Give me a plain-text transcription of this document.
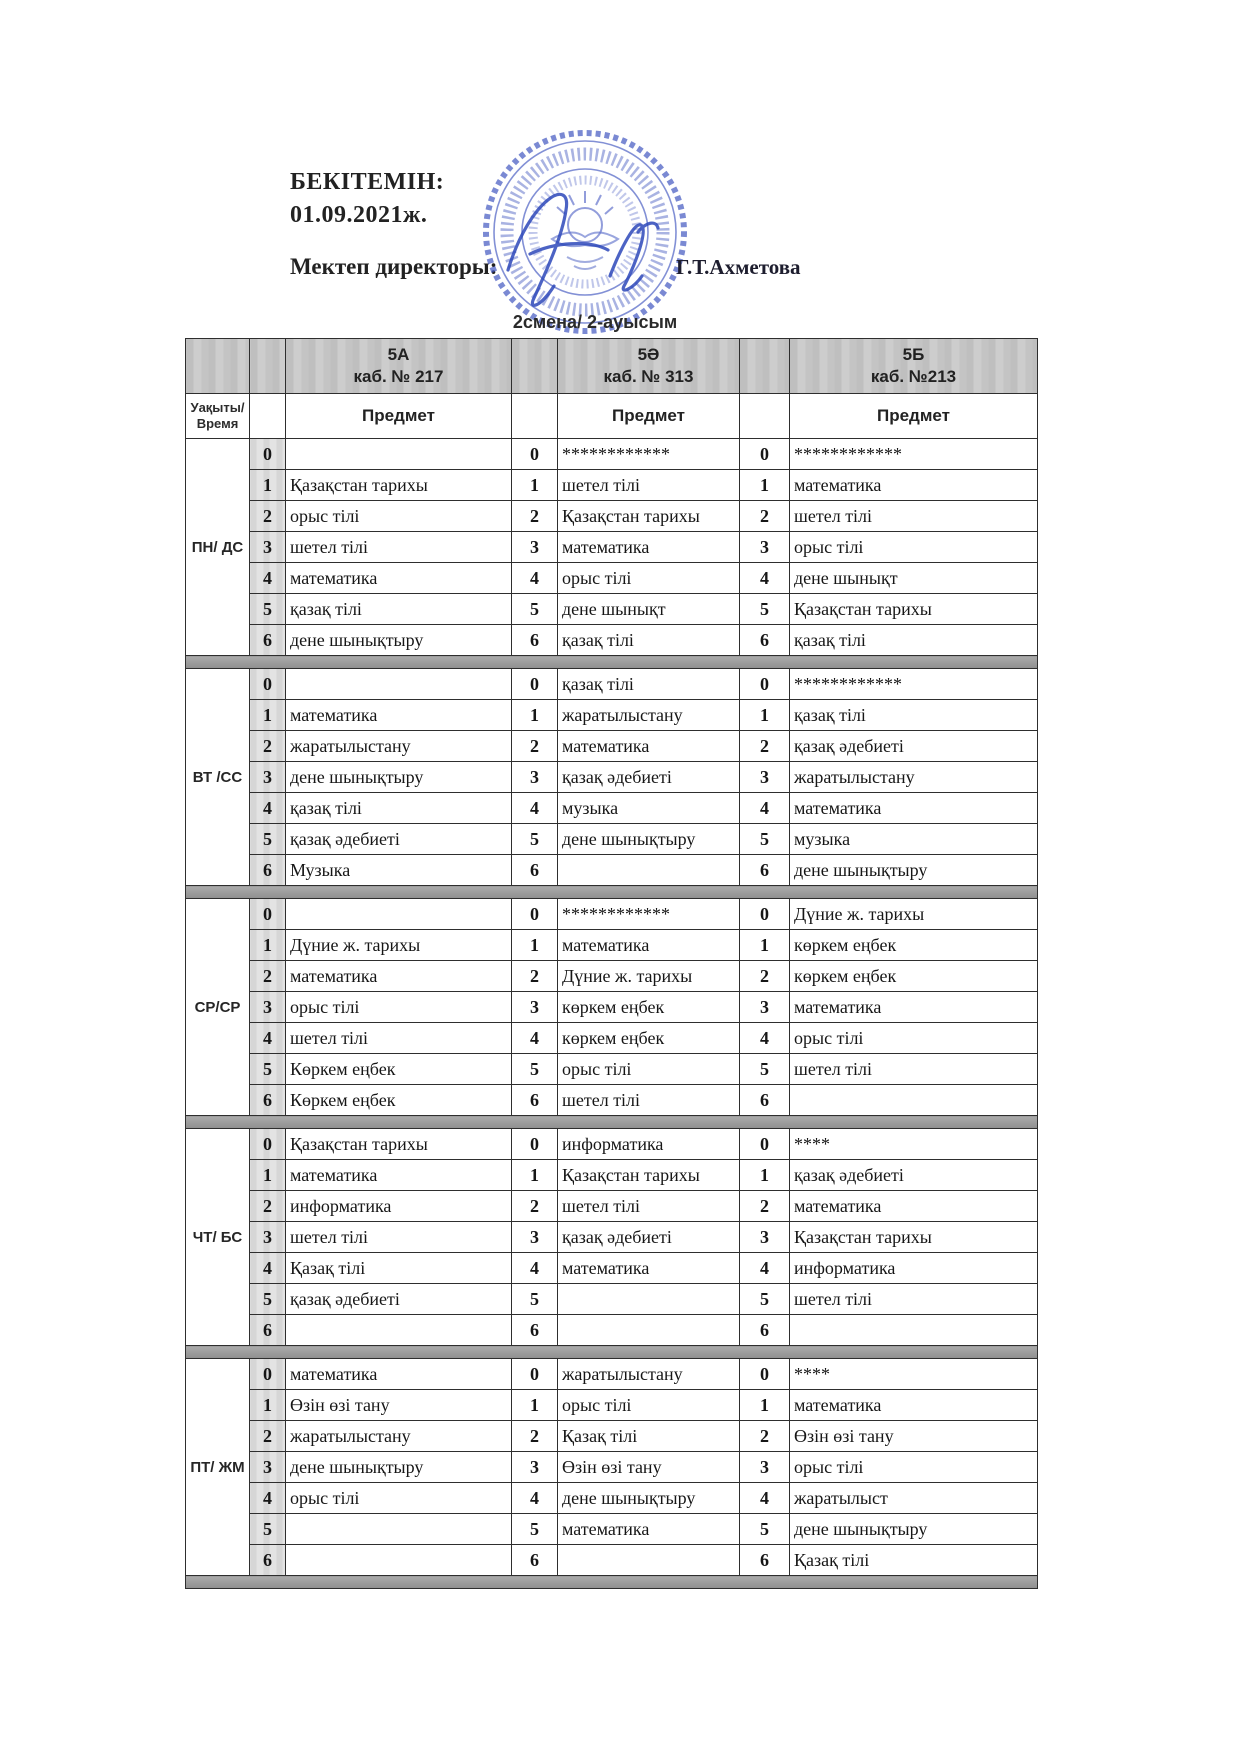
БЕКІТЕМІН:
01.09.2021ж.
Мектеп директоры:	Г.Т.Ахметова
2смена/ 2-ауысым

5А
каб. № 217

5Ә
каб. № 313

5Б
каб. №213

Уақыты/
Время		Предмет		Предмет		Предмет
ПН/ ДС	0		0	************	0	************
	1	Қазақстан тарихы	1	шетел тілі	1	математика
	2	орыс тілі	2	Қазақстан тарихы	2	шетел тілі
	3	шетел тілі	3	математика	3	орыс тілі
	4	математика	4	орыс тілі	4	дене шынықт
	5	қазақ тілі	5	дене шынықт	5	Қазақстан тарихы
	6	дене шынықтыру	6	қазақ тілі	6	қазақ тілі

ВТ /СС	0		0	қазақ тілі	0	************
	1	математика	1	жаратылыстану	1	қазақ тілі
	2	жаратылыстану	2	математика	2	қазақ әдебиеті
	3	дене шынықтыру	3	қазақ әдебиеті	3	жаратылыстану
	4	қазақ тілі	4	музыка	4	математика
	5	қазақ әдебиеті	5	дене шынықтыру	5	музыка
	6	Музыка	6		6	дене шынықтыру

СР/СР	0		0	************	0	Дүние ж. тарихы
	1	Дүние ж. тарихы	1	математика	1	көркем еңбек
	2	математика	2	Дүние ж. тарихы	2	көркем еңбек
	3	орыс тілі	3	көркем еңбек	3	математика
	4	шетел тілі	4	көркем еңбек	4	орыс тілі
	5	Көркем еңбек	5	орыс тілі	5	шетел тілі
	6	Көркем еңбек	6	шетел тілі	6	

ЧТ/ БС	0	Қазақстан тарихы	0	информатика	0	****
	1	математика	1	Қазақстан тарихы	1	қазақ әдебиеті
	2	информатика	2	шетел тілі	2	математика
	3	шетел тілі	3	қазақ әдебиеті	3	Қазақстан тарихы
	4	Қазақ тілі	4	математика	4	информатика
	5	қазақ әдебиеті	5		5	шетел тілі
	6		6		6	

ПТ/ ЖМ	0	математика	0	жаратылыстану	0	****
	1	Өзін өзі тану	1	орыс тілі	1	математика
	2	жаратылыстану	2	Қазақ тілі	2	Өзін өзі тану
	3	дене шынықтыру	3	Өзін өзі тану	3	орыс тілі
	4	орыс тілі	4	дене шынықтыру	4	жаратылыст
	5		5	математика	5	дене шынықтыру
	6		6		6	Қазақ тілі
